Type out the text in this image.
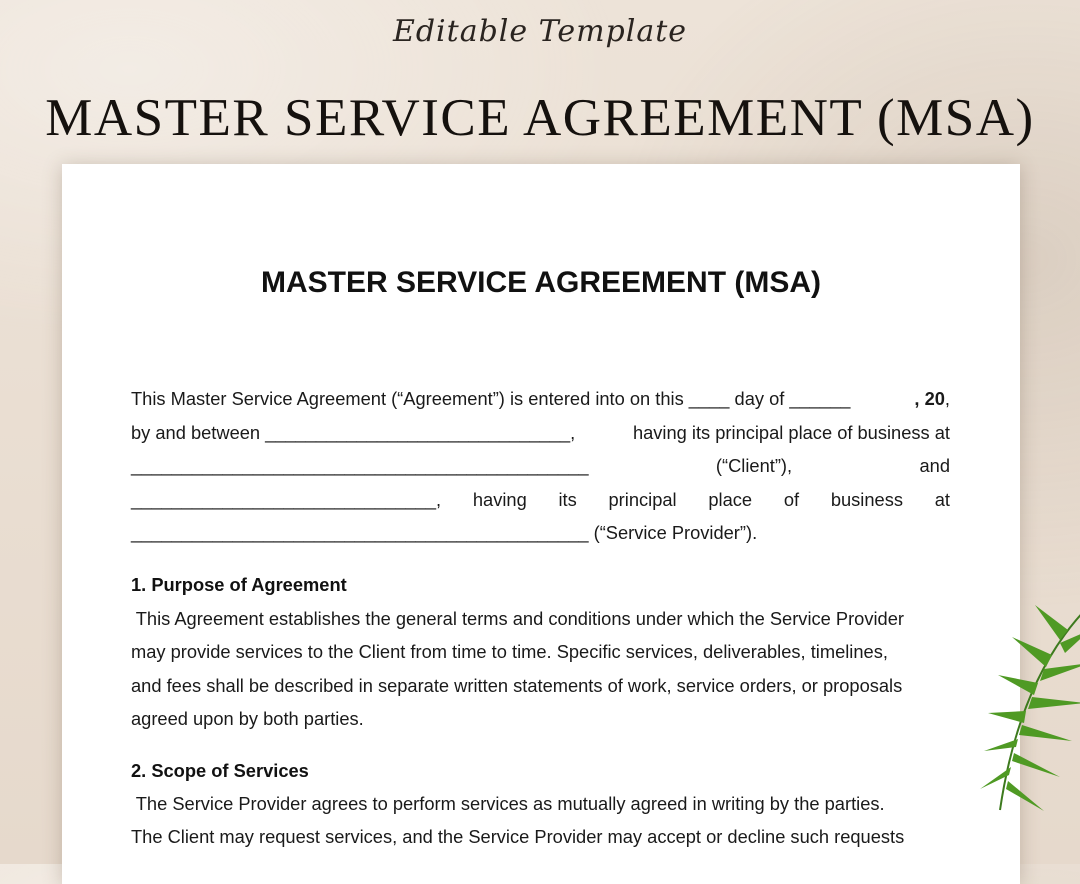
Editable Template
MASTER SERVICE AGREEMENT (MSA)
MASTER SERVICE AGREEMENT (MSA)
This Master Service Agreement (“Agreement”) is entered into on this ____ day of ______	, 20,
by and between ______________________________,	having its principal place of business at
_____________________________________________	(“Client”),	and
______________________________, having its principal place of business at
_____________________________________________ (“Service Provider”).
1. Purpose of Agreement
This Agreement establishes the general terms and conditions under which the Service Provider
may provide services to the Client from time to time. Specific services, deliverables, timelines,
and fees shall be described in separate written statements of work, service orders, or proposals
agreed upon by both parties.
2. Scope of Services
The Service Provider agrees to perform services as mutually agreed in writing by the parties.
The Client may request services, and the Service Provider may accept or decline such requests
